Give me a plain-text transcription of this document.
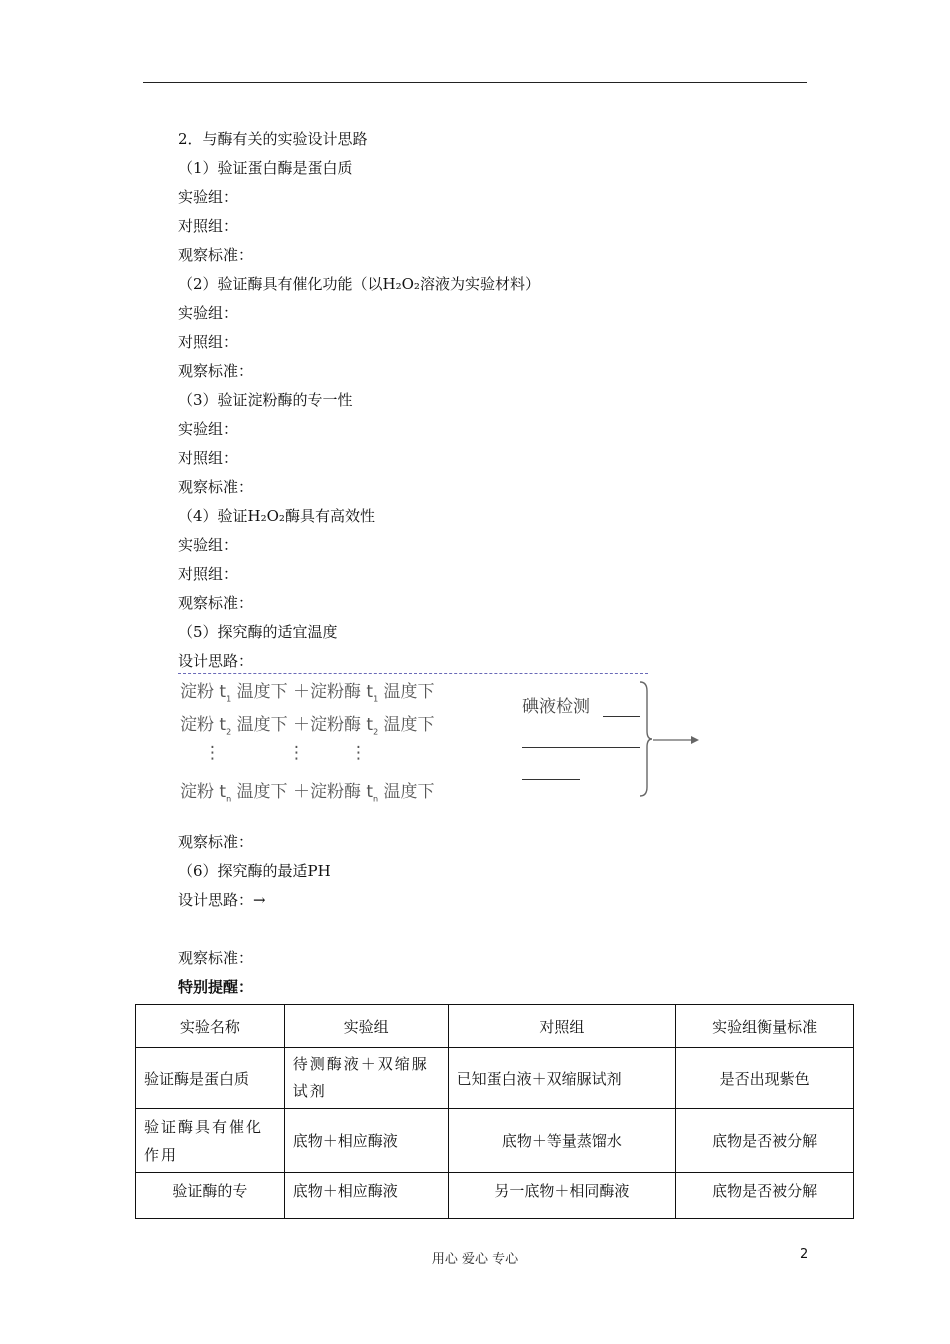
2．与酶有关的实验设计思路
（1）验证蛋白酶是蛋白质
实验组：
对照组：
观察标准：
（2）验证酶具有催化功能（以H₂O₂溶液为实验材料）
实验组：
对照组：
观察标准：
（3）验证淀粉酶的专一性
实验组：
对照组：
观察标准：
（4）验证H₂O₂酶具有高效性
实验组：
对照组：
观察标准：
（5）探究酶的适宜温度
设计思路：
淀粉 $t_1$ 温度下 ＋淀粉酶 $t_1$ 温度下
淀粉 $t_2$ 温度下 ＋淀粉酶 $t_2$ 温度下
⋮	⋮	⋮
淀粉 $t_n$ 温度下 ＋淀粉酶 $t_n$ 温度下
碘液检测
观察标准：
（6）探究酶的最适PH
设计思路：→
观察标准：
特别提醒：
实验名称	实验组	对照组	实验组衡量标准
验证酶是蛋白质	待测酶液＋双缩脲试剂	已知蛋白液＋双缩脲试剂	是否出现紫色
验证酶具有催化作用	底物＋相应酶液	底物＋等量蒸馏水	底物是否被分解
验证酶的专	底物＋相应酶液	另一底物＋相同酶液	底物是否被分解
用心 爱心 专心	2
